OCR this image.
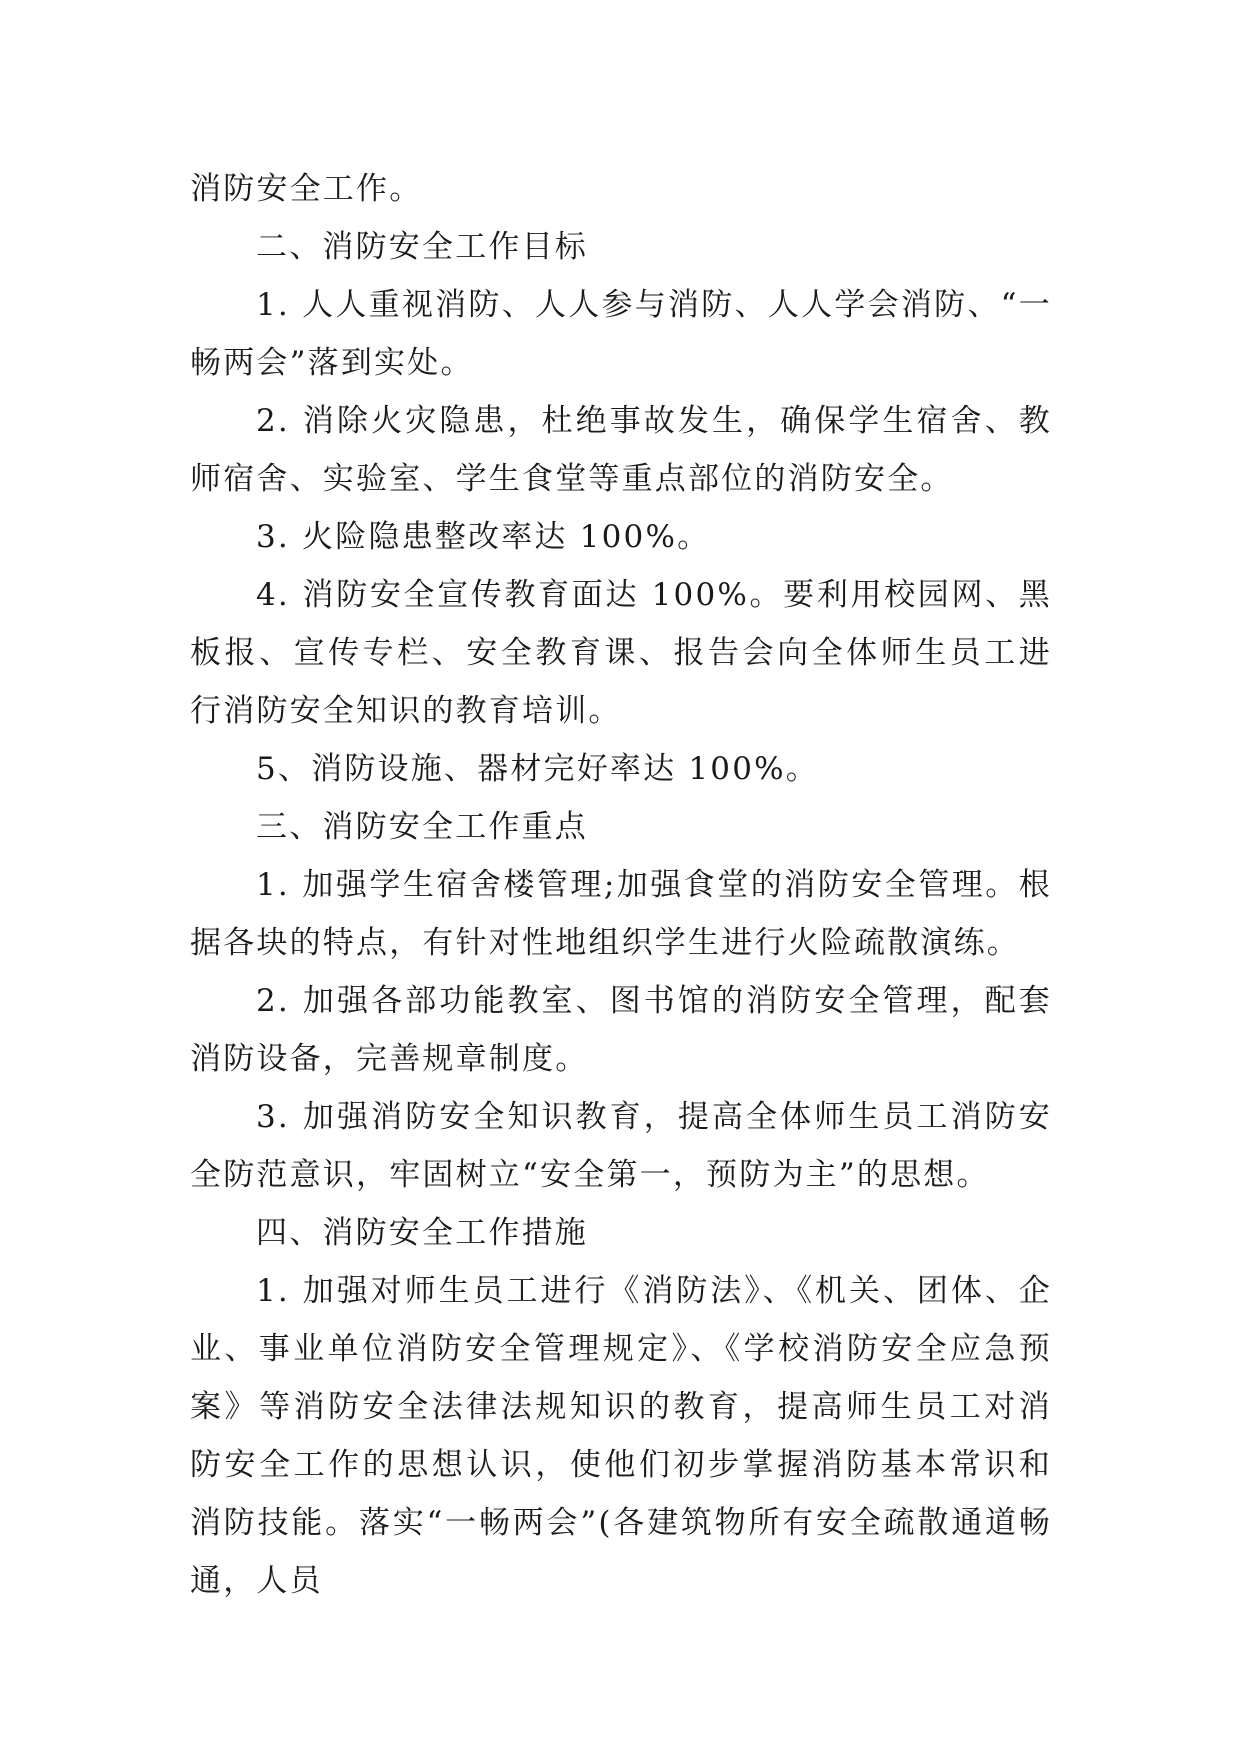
消防安全工作。

二、消防安全工作目标

1. 人人重视消防、人人参与消防、人人学会消防、“一畅两会”落到实处。

2. 消除火灾隐患，杜绝事故发生，确保学生宿舍、教师宿舍、实验室、学生食堂等重点部位的消防安全。

3. 火险隐患整改率达 100%。

4. 消防安全宣传教育面达 100%。要利用校园网、黑板报、宣传专栏、安全教育课、报告会向全体师生员工进行消防安全知识的教育培训。

5、消防设施、器材完好率达 100%。

三、消防安全工作重点

1. 加强学生宿舍楼管理;加强食堂的消防安全管理。根据各块的特点，有针对性地组织学生进行火险疏散演练。

2. 加强各部功能教室、图书馆的消防安全管理，配套消防设备，完善规章制度。

3. 加强消防安全知识教育，提高全体师生员工消防安全防范意识，牢固树立“安全第一，预防为主”的思想。

四、消防安全工作措施

1. 加强对师生员工进行《消防法》、《机关、团体、企业、事业单位消防安全管理规定》、《学校消防安全应急预案》等消防安全法律法规知识的教育，提高师生员工对消防安全工作的思想认识，使他们初步掌握消防基本常识和消防技能。落实“一畅两会”(各建筑物所有安全疏散通道畅通，人员
